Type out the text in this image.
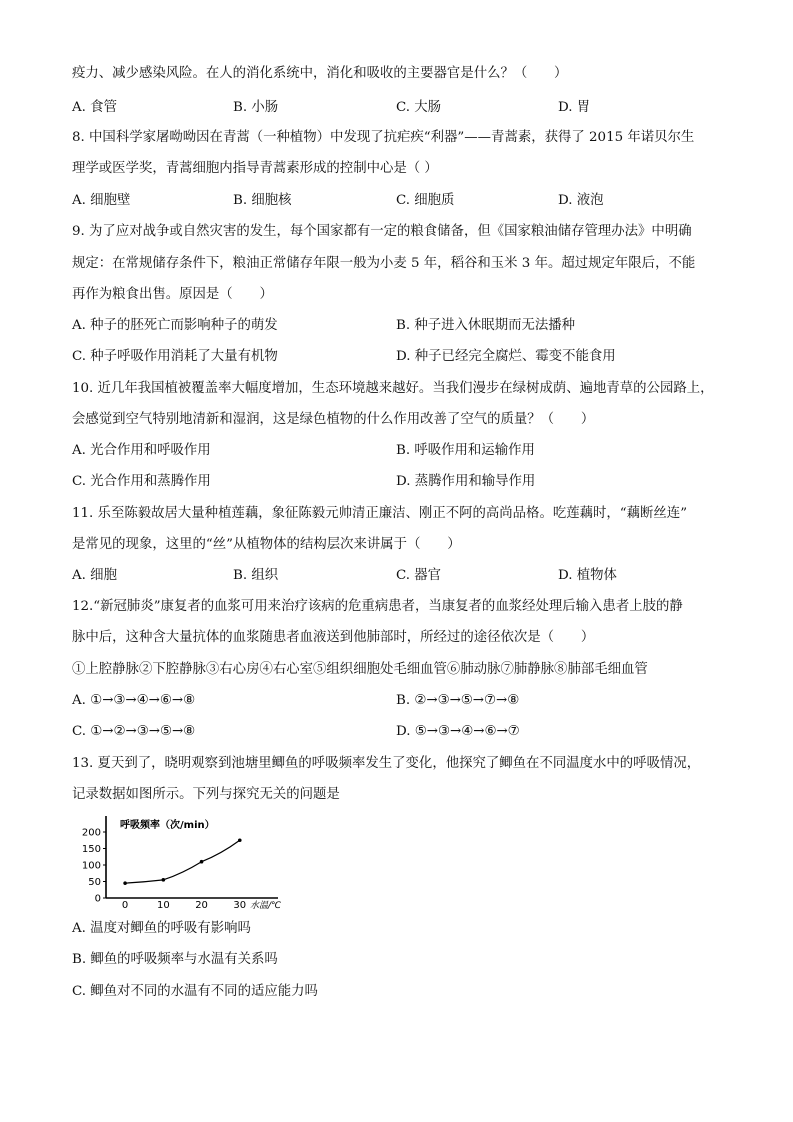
疫力、减少感染风险。在人的消化系统中，消化和吸收的主要器官是什么？（　　）
A. 食管	B. 小肠	C. 大肠	D. 胃
8. 中国科学家屠呦呦因在青蒿（一种植物）中发现了抗疟疾“利器”——青蒿素，获得了 2015 年诺贝尔生
理学或医学奖，青蒿细胞内指导青蒿素形成的控制中心是（ ）
A. 细胞壁	B. 细胞核	C. 细胞质	D. 液泡
9. 为了应对战争或自然灾害的发生，每个国家都有一定的粮食储备，但《国家粮油储存管理办法》中明确
规定：在常规储存条件下，粮油正常储存年限一般为小麦 5 年，稻谷和玉米 3 年。超过规定年限后，不能
再作为粮食出售。原因是（　　）
A. 种子的胚死亡而影响种子的萌发	B. 种子进入休眠期而无法播种
C. 种子呼吸作用消耗了大量有机物	D. 种子已经完全腐烂、霉变不能食用
10. 近几年我国植被覆盖率大幅度增加，生态环境越来越好。当我们漫步在绿树成荫、遍地青草的公园路上，
会感觉到空气特别地清新和湿润，这是绿色植物的什么作用改善了空气的质量？（　　）
A. 光合作用和呼吸作用	B. 呼吸作用和运输作用
C. 光合作用和蒸腾作用	D. 蒸腾作用和输导作用
11. 乐至陈毅故居大量种植莲藕，象征陈毅元帅清正廉洁、刚正不阿的高尚品格。吃莲藕时，“藕断丝连”
是常见的现象，这里的“丝”从植物体的结构层次来讲属于（　　）
A. 细胞	B. 组织	C. 器官	D. 植物体
12.“新冠肺炎”康复者的血浆可用来治疗该病的危重病患者，当康复者的血浆经处理后输入患者上肢的静
脉中后，这种含大量抗体的血浆随患者血液送到他肺部时，所经过的途径依次是（　　）
①上腔静脉②下腔静脉③右心房④右心室⑤组织细胞处毛细血管⑥肺动脉⑦肺静脉⑧肺部毛细血管
A. ①→③→④→⑥→⑧	B. ②→③→⑤→⑦→⑧
C. ①→②→③→⑤→⑧	D. ⑤→③→④→⑥→⑦
13. 夏天到了，晓明观察到池塘里鲫鱼的呼吸频率发生了变化，他探究了鲫鱼在不同温度水中的呼吸情况，
记录数据如图所示。下列与探究无关的问题是
呼吸频率（次/min）
水温/℃
0
50
100
150
200
0	10	20	30
A. 温度对鲫鱼的呼吸有影响吗
B. 鲫鱼的呼吸频率与水温有关系吗
C. 鲫鱼对不同的水温有不同的适应能力吗
